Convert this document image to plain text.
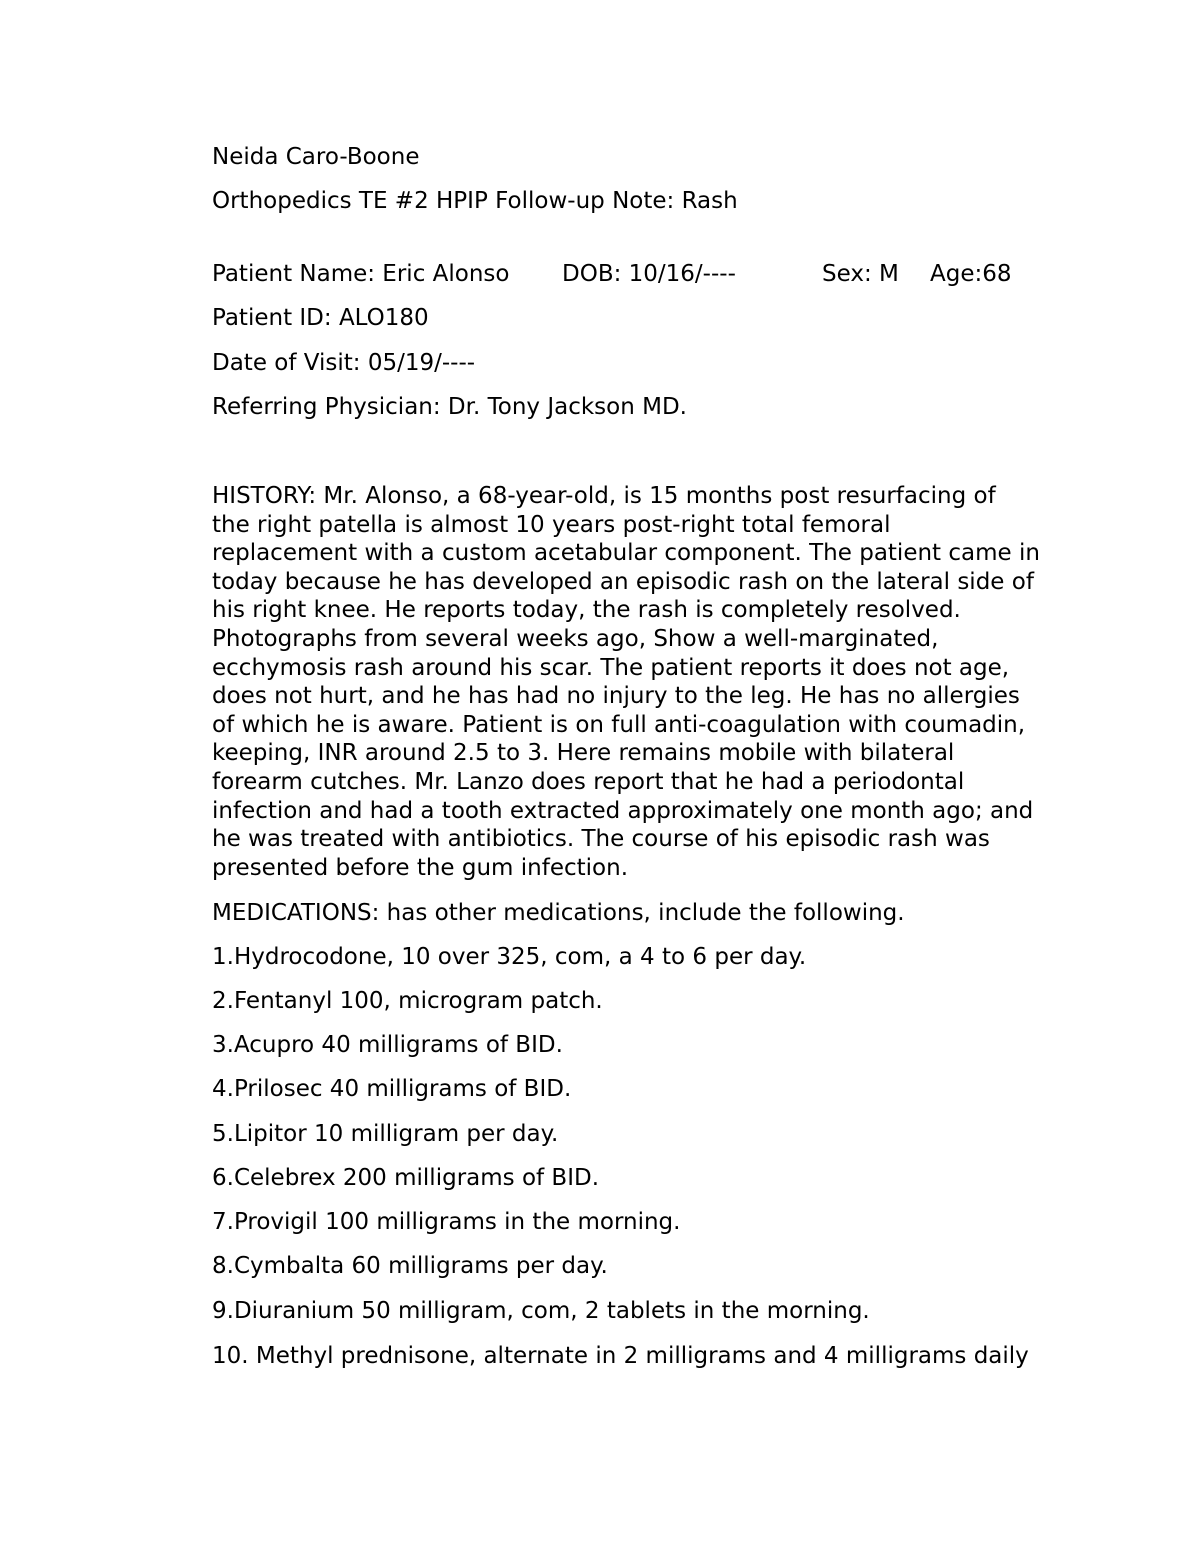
Neida Caro-Boone
Orthopedics TE #2 HPIP Follow-up Note: Rash
Patient Name: Eric Alonso DOB: 10/16/----	Sex: M Age:68
Patient ID: ALO180
Date of Visit: 05/19/----
Referring Physician: Dr. Tony Jackson MD.
HISTORY: Mr. Alonso, a 68-year-old, is 15 months post resurfacing of
the right patella is almost 10 years post-right total femoral
replacement with a custom acetabular component. The patient came in
today because he has developed an episodic rash on the lateral side of
his right knee. He reports today, the rash is completely resolved.
Photographs from several weeks ago, Show a well-marginated,
ecchymosis rash around his scar. The patient reports it does not age,
does not hurt, and he has had no injury to the leg. He has no allergies
of which he is aware. Patient is on full anti-coagulation with coumadin,
keeping, INR around 2.5 to 3. Here remains mobile with bilateral
forearm cutches. Mr. Lanzo does report that he had a periodontal
infection and had a tooth extracted approximately one month ago; and
he was treated with antibiotics. The course of his episodic rash was
presented before the gum infection.
MEDICATIONS: has other medications, include the following.
1.Hydrocodone, 10 over 325, com, a 4 to 6 per day.
2.Fentanyl 100, microgram patch.
3.Acupro 40 milligrams of BID.
4.Prilosec 40 milligrams of BID.
5.Lipitor 10 milligram per day.
6.Celebrex 200 milligrams of BID.
7.Provigil 100 milligrams in the morning.
8.Cymbalta 60 milligrams per day.
9.Diuranium 50 milligram, com, 2 tablets in the morning.
10. Methyl prednisone, alternate in 2 milligrams and 4 milligrams daily
